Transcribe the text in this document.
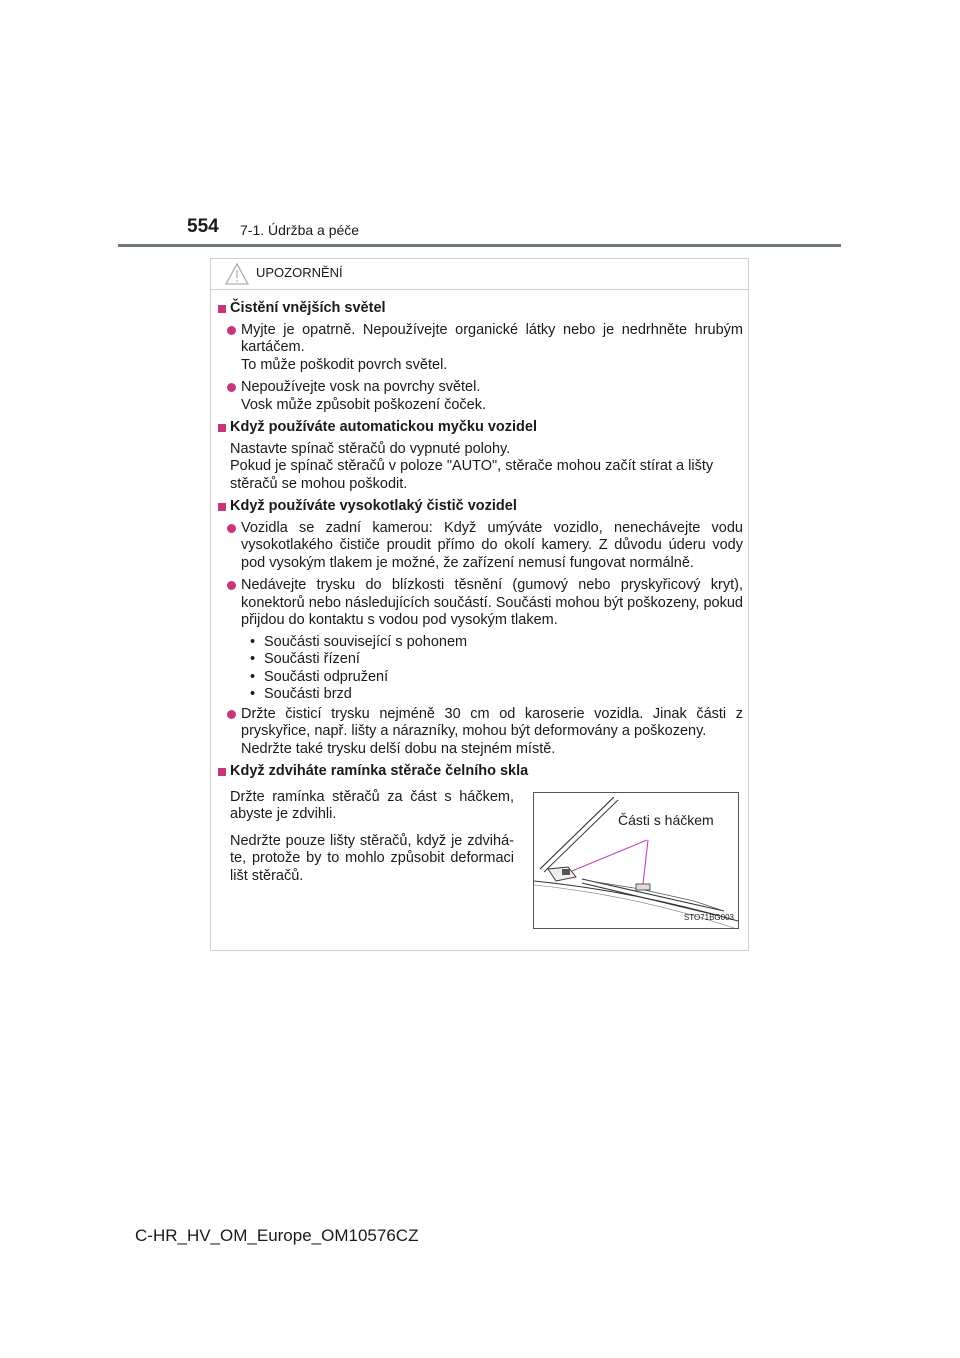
554 7-1. Údržba a péče
UPOZORNĚNÍ
Čistění vnějších světel
Myjte je opatrně. Nepoužívejte organické látky nebo je nedrhněte hrubým kartáčem.
To může poškodit povrch světel.
Nepoužívejte vosk na povrchy světel.
Vosk může způsobit poškození čoček.
Když používáte automatickou myčku vozidel
Nastavte spínač stěračů do vypnuté polohy.
Pokud je spínač stěračů v poloze "AUTO", stěrače mohou začít stírat a lišty stěračů se mohou poškodit.
Když používáte vysokotlaký čistič vozidel
Vozidla se zadní kamerou: Když umýváte vozidlo, nenechávejte vodu vysokotlakého čističe proudit přímo do okolí kamery. Z důvodu úderu vody pod vysokým tlakem je možné, že zařízení nemusí fungovat normálně.
Nedávejte trysku do blízkosti těsnění (gumový nebo pryskyřicový kryt), konektorů nebo následujících součástí. Součásti mohou být poškozeny, pokud přijdou do kontaktu s vodou pod vysokým tlakem.
• Součásti související s pohonem
• Součásti řízení
• Součásti odpružení
• Součásti brzd
Držte čisticí trysku nejméně 30 cm od karoserie vozidla. Jinak části z pryskyřice, např. lišty a nárazníky, mohou být deformovány a poškozeny.
Nedržte také trysku delší dobu na stejném místě.
Když zdviháte ramínka stěrače čelního skla

Držte ramínka stěračů za část s háčkem, abyste je zdvihli.

Nedržte pouze lišty stěračů, když je zdviháte, protože by to mohlo způsobit deformaci lišt stěračů.

Části s háčkem
STO71BG003
C-HR_HV_OM_Europe_OM10576CZ
